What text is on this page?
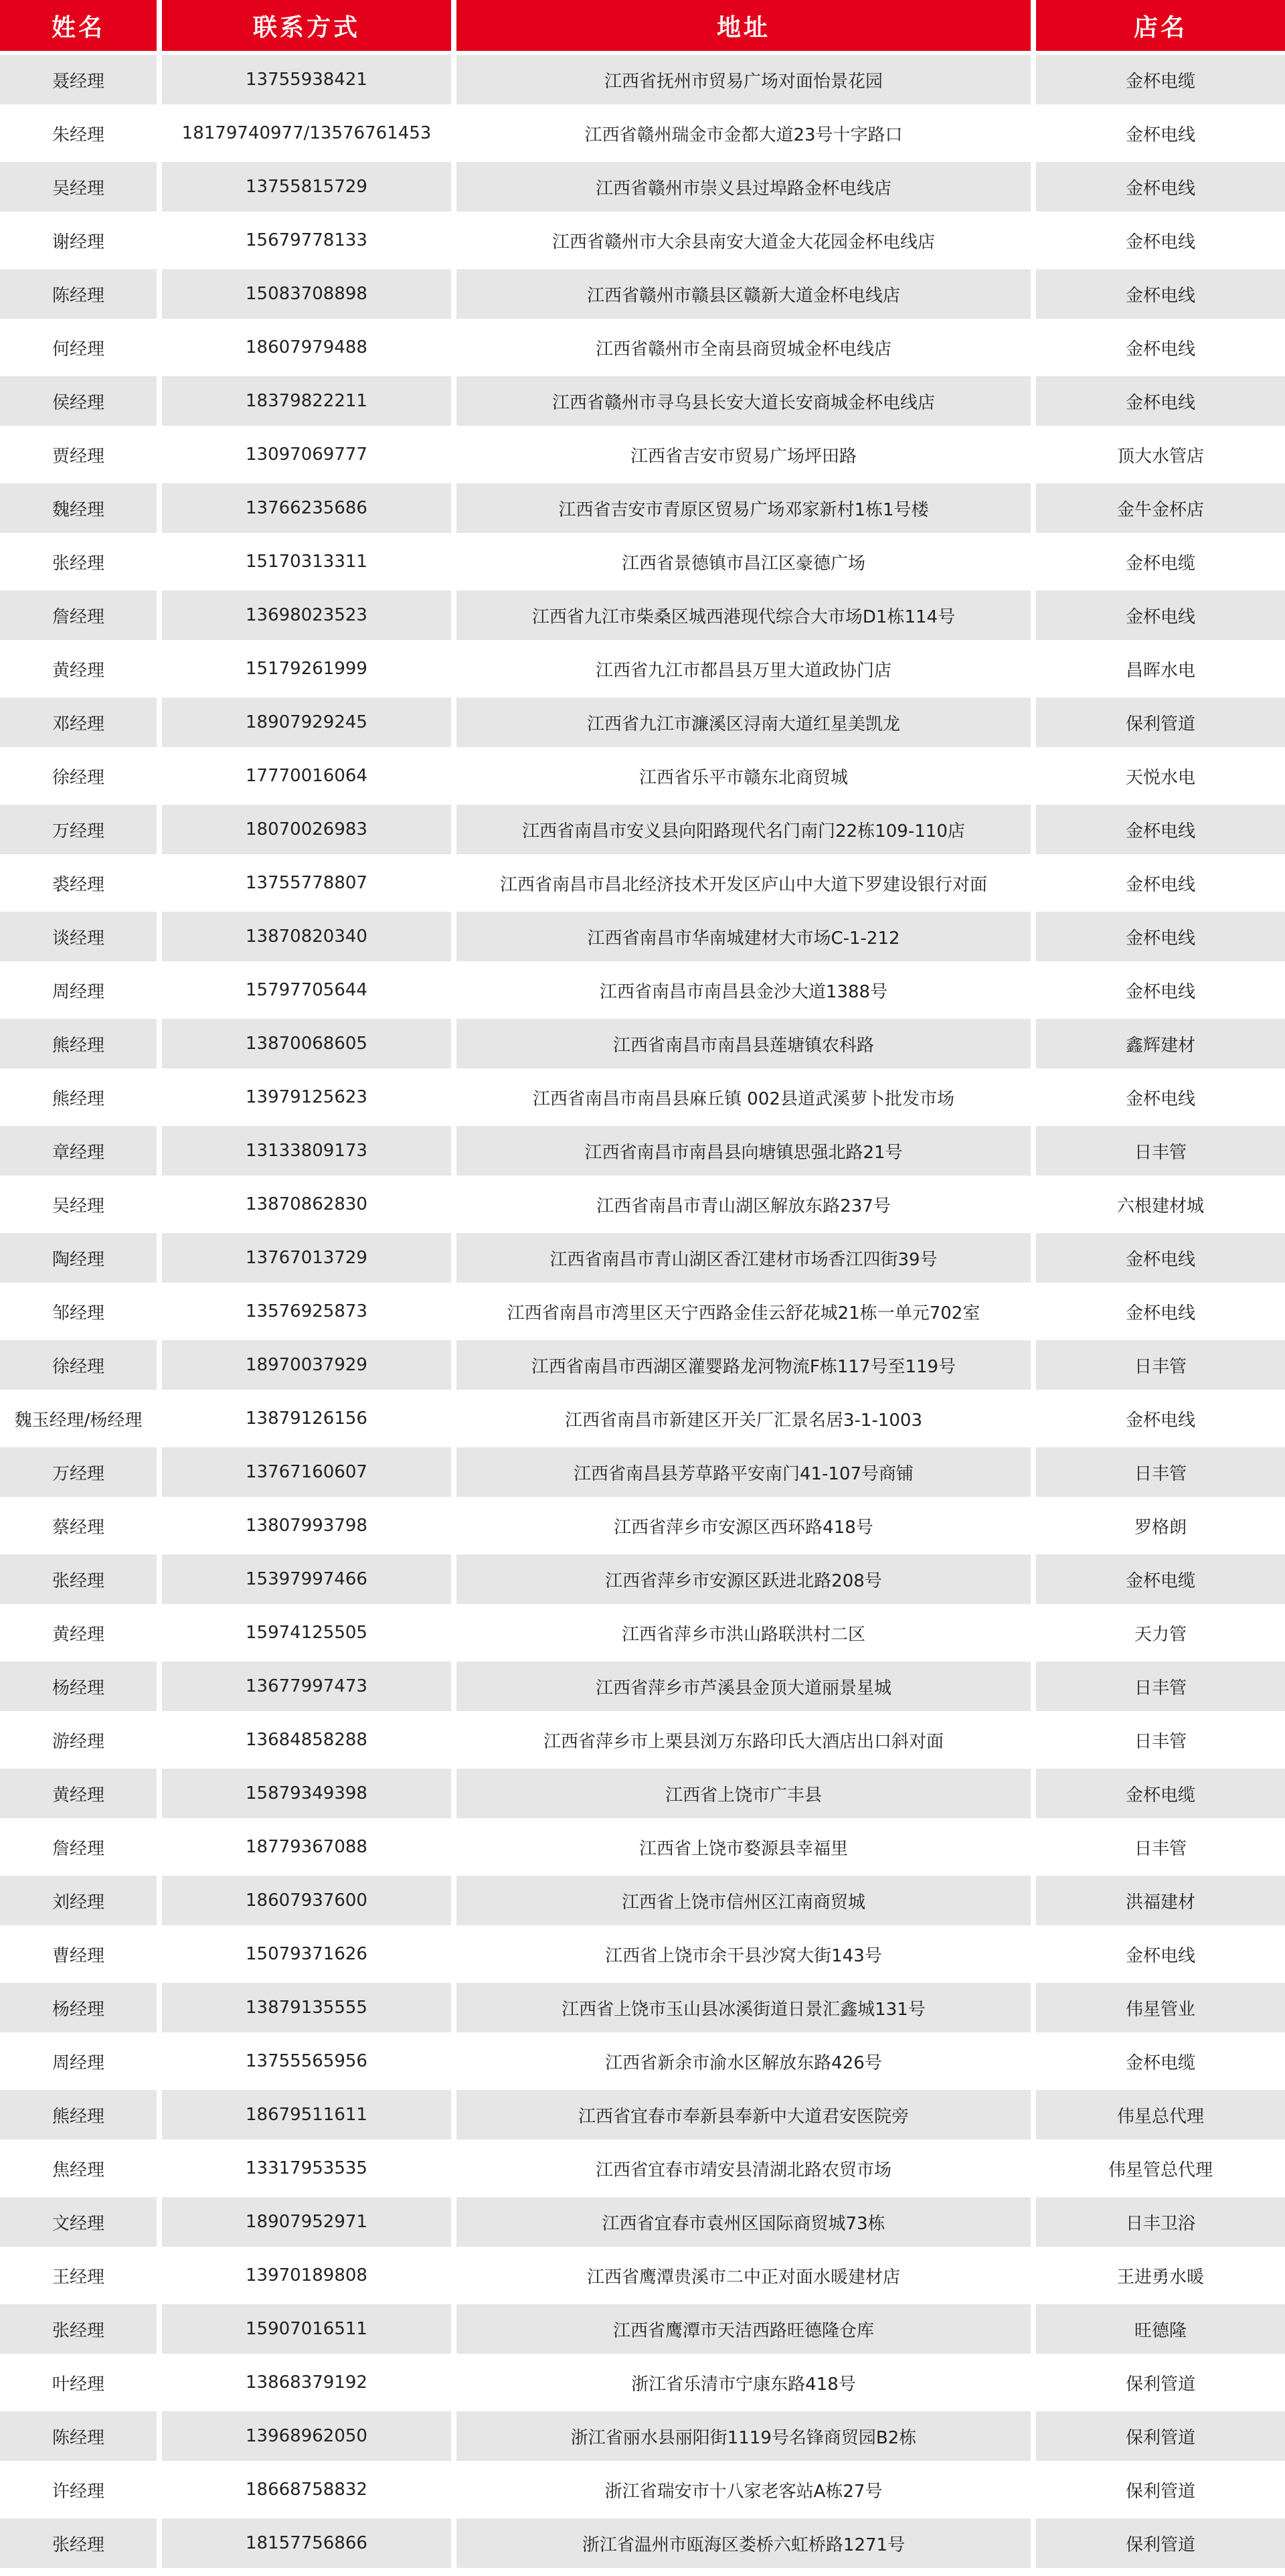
姓名	联系方式	地址	店名
聂经理	13755938421	江西省抚州市贸易广场对面怡景花园	金杯电缆
朱经理	18179740977/13576761453	江西省赣州瑞金市金都大道23号十字路口	金杯电线
吴经理	13755815729	江西省赣州市崇义县过埠路金杯电线店	金杯电线
谢经理	15679778133	江西省赣州市大余县南安大道金大花园金杯电线店	金杯电线
陈经理	15083708898	江西省赣州市赣县区赣新大道金杯电线店	金杯电线
何经理	18607979488	江西省赣州市全南县商贸城金杯电线店	金杯电线
侯经理	18379822211	江西省赣州市寻乌县长安大道长安商城金杯电线店	金杯电线
贾经理	13097069777	江西省吉安市贸易广场坪田路	顶大水管店
魏经理	13766235686	江西省吉安市青原区贸易广场邓家新村1栋1号楼	金牛金杯店
张经理	15170313311	江西省景德镇市昌江区豪德广场	金杯电缆
詹经理	13698023523	江西省九江市柴桑区城西港现代综合大市场D1栋114号	金杯电线
黄经理	15179261999	江西省九江市都昌县万里大道政协门店	昌晖水电
邓经理	18907929245	江西省九江市濂溪区浔南大道红星美凯龙	保利管道
徐经理	17770016064	江西省乐平市赣东北商贸城	天悦水电
万经理	18070026983	江西省南昌市安义县向阳路现代名门南门22栋109-110店	金杯电线
裘经理	13755778807	江西省南昌市昌北经济技术开发区庐山中大道下罗建设银行对面	金杯电线
谈经理	13870820340	江西省南昌市华南城建材大市场C-1-212	金杯电线
周经理	15797705644	江西省南昌市南昌县金沙大道1388号	金杯电线
熊经理	13870068605	江西省南昌市南昌县莲塘镇农科路	鑫辉建材
熊经理	13979125623	江西省南昌市南昌县麻丘镇 002县道武溪萝卜批发市场	金杯电线
章经理	13133809173	江西省南昌市南昌县向塘镇思强北路21号	日丰管
吴经理	13870862830	江西省南昌市青山湖区解放东路237号	六根建材城
陶经理	13767013729	江西省南昌市青山湖区香江建材市场香江四街39号	金杯电线
邹经理	13576925873	江西省南昌市湾里区天宁西路金佳云舒花城21栋一单元702室	金杯电线
徐经理	18970037929	江西省南昌市西湖区灌婴路龙河物流F栋117号至119号	日丰管
魏玉经理/杨经理	13879126156	江西省南昌市新建区开关厂汇景名居3-1-1003	金杯电线
万经理	13767160607	江西省南昌县芳草路平安南门41-107号商铺	日丰管
蔡经理	13807993798	江西省萍乡市安源区西环路418号	罗格朗
张经理	15397997466	江西省萍乡市安源区跃进北路208号	金杯电缆
黄经理	15974125505	江西省萍乡市洪山路联洪村二区	天力管
杨经理	13677997473	江西省萍乡市芦溪县金顶大道丽景星城	日丰管
游经理	13684858288	江西省萍乡市上栗县浏万东路印氏大酒店出口斜对面	日丰管
黄经理	15879349398	江西省上饶市广丰县	金杯电缆
詹经理	18779367088	江西省上饶市婺源县幸福里	日丰管
刘经理	18607937600	江西省上饶市信州区江南商贸城	洪福建材
曹经理	15079371626	江西省上饶市余干县沙窝大街143号	金杯电线
杨经理	13879135555	江西省上饶市玉山县冰溪街道日景汇鑫城131号	伟星管业
周经理	13755565956	江西省新余市渝水区解放东路426号	金杯电缆
熊经理	18679511611	江西省宜春市奉新县奉新中大道君安医院旁	伟星总代理
焦经理	13317953535	江西省宜春市靖安县清湖北路农贸市场	伟星管总代理
文经理	18907952971	江西省宜春市袁州区国际商贸城73栋	日丰卫浴
王经理	13970189808	江西省鹰潭贵溪市二中正对面水暖建材店	王进勇水暖
张经理	15907016511	江西省鹰潭市天洁西路旺德隆仓库	旺德隆
叶经理	13868379192	浙江省乐清市宁康东路418号	保利管道
陈经理	13968962050	浙江省丽水县丽阳街1119号名锋商贸园B2栋	保利管道
许经理	18668758832	浙江省瑞安市十八家老客站A栋27号	保利管道
张经理	18157756866	浙江省温州市瓯海区娄桥六虹桥路1271号	保利管道
